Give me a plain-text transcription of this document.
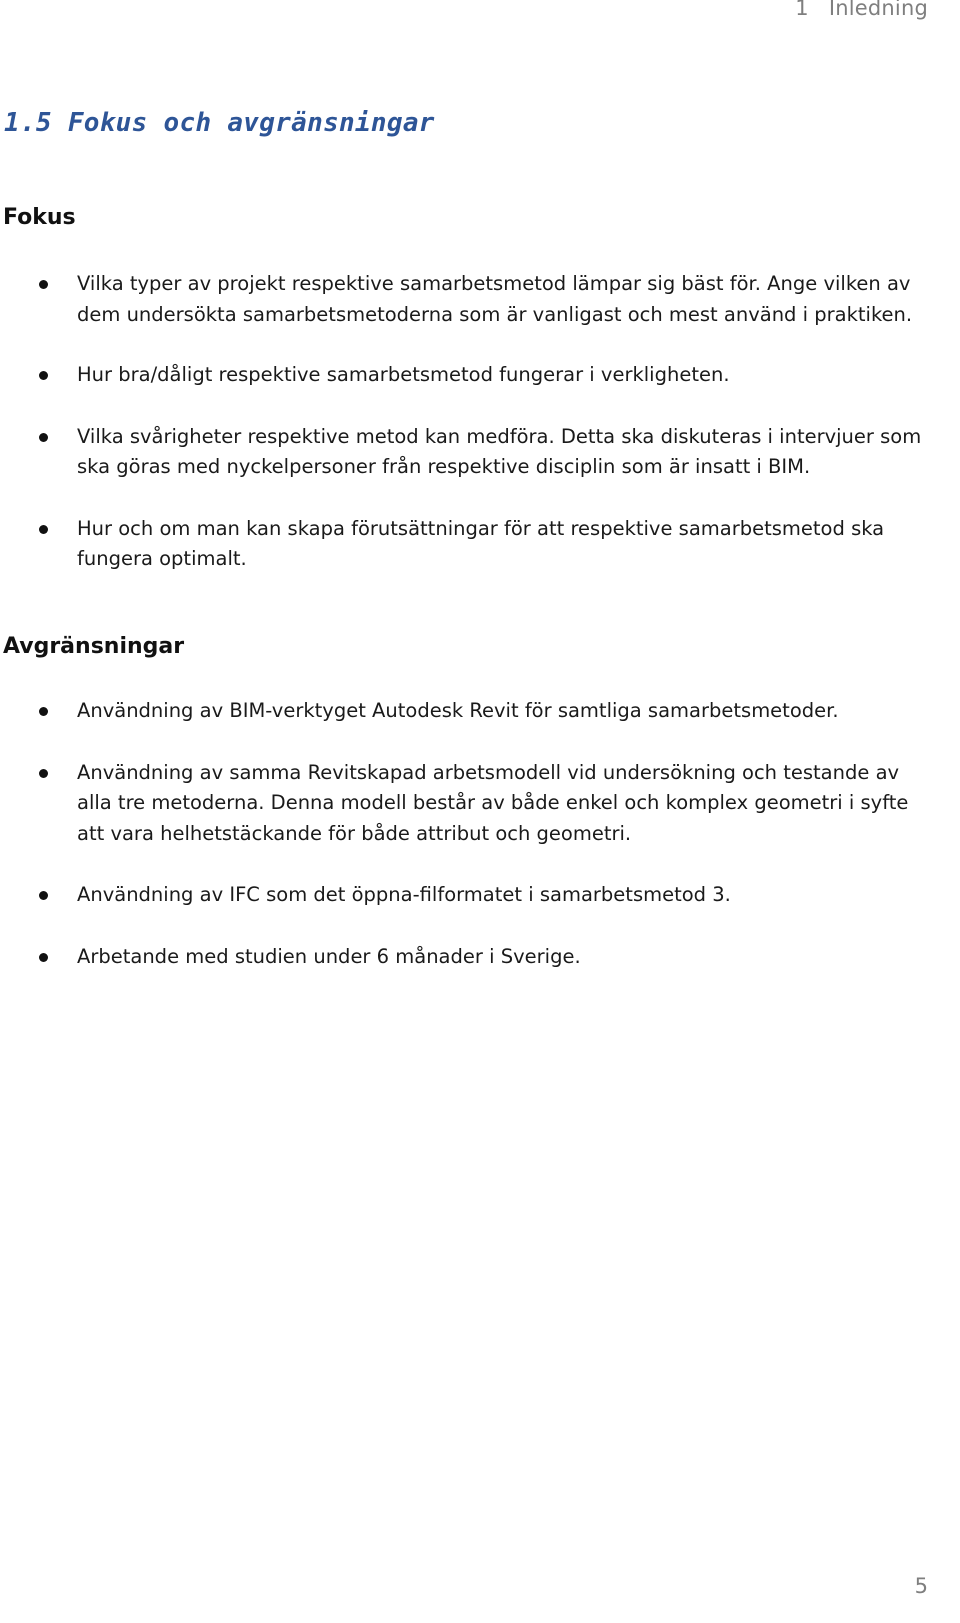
1 Inledning
1.5 Fokus och avgränsningar
Fokus
Vilka typer av projekt respektive samarbetsmetod lämpar sig bäst för. Ange vilken av dem undersökta samarbetsmetoderna som är vanligast och mest använd i praktiken.
Hur bra/dåligt respektive samarbetsmetod fungerar i verkligheten.
Vilka svårigheter respektive metod kan medföra. Detta ska diskuteras i intervjuer som ska göras med nyckelpersoner från respektive disciplin som är insatt i BIM.
Hur och om man kan skapa förutsättningar för att respektive samarbetsmetod ska fungera optimalt.
Avgränsningar
Användning av BIM-verktyget Autodesk Revit för samtliga samarbetsmetoder.
Användning av samma Revitskapad arbetsmodell vid undersökning och testande av alla tre metoderna. Denna modell består av både enkel och komplex geometri i syfte att vara helhetstäckande för både attribut och geometri.
Användning av IFC som det öppna-filformatet i samarbetsmetod 3.
Arbetande med studien under 6 månader i Sverige.
5
